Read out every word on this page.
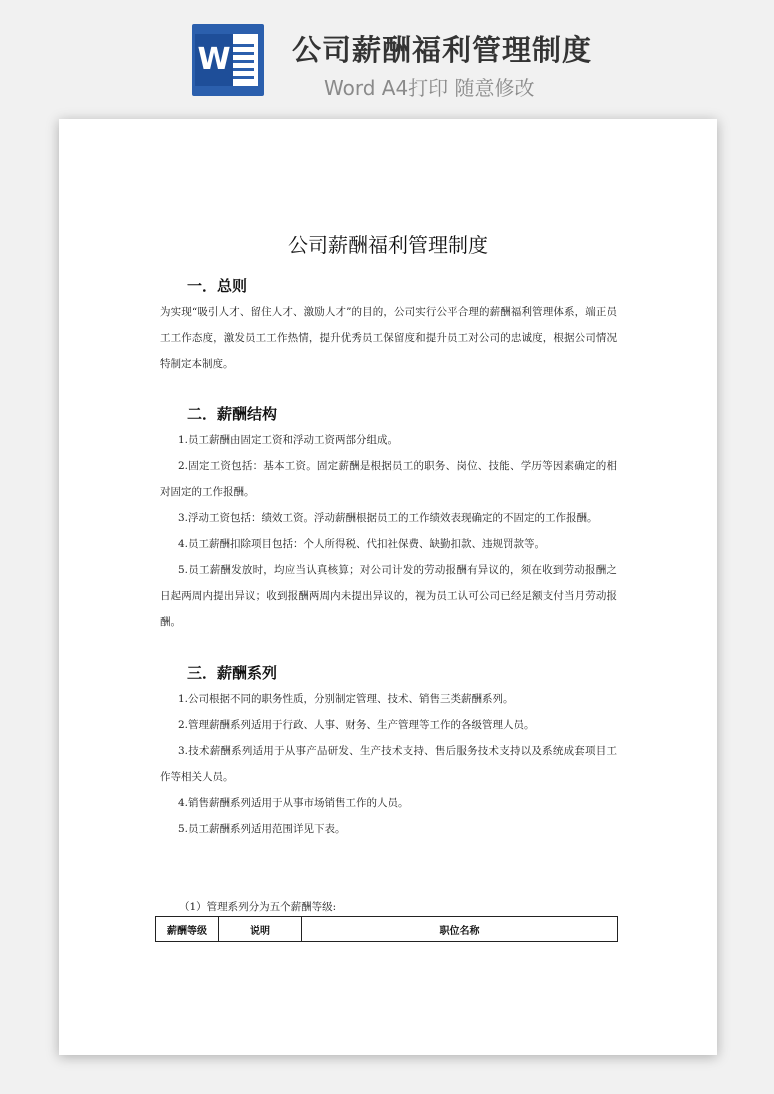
W 公司薪酬福利管理制度
Word A4打印 随意修改
公司薪酬福利管理制度
一．总则

为实现“吸引人才、留住人才、激励人才”的目的，公司实行公平合理的薪酬福利管理体系，端正员工工作态度，激发员工工作热情，提升优秀员工保留度和提升员工对公司的忠诚度，根据公司情况特制定本制度。

二．薪酬结构

1.员工薪酬由固定工资和浮动工资两部分组成。

2.固定工资包括：基本工资。固定薪酬是根据员工的职务、岗位、技能、学历等因素确定的相对固定的工作报酬。

3.浮动工资包括：绩效工资。浮动薪酬根据员工的工作绩效表现确定的不固定的工作报酬。

4.员工薪酬扣除项目包括：个人所得税、代扣社保费、缺勤扣款、违规罚款等。

5.员工薪酬发放时，均应当认真核算；对公司计发的劳动报酬有异议的，须在收到劳动报酬之日起两周内提出异议；收到报酬两周内未提出异议的，视为员工认可公司已经足额支付当月劳动报酬。

三．薪酬系列

1.公司根据不同的职务性质，分别制定管理、技术、销售三类薪酬系列。

2.管理薪酬系列适用于行政、人事、财务、生产管理等工作的各级管理人员。

3.技术薪酬系列适用于从事产品研发、生产技术支持、售后服务技术支持以及系统成套项目工作等相关人员。

4.销售薪酬系列适用于从事市场销售工作的人员。

5.员工薪酬系列适用范围详见下表。

（1）管理系列分为五个薪酬等级:
薪酬等级	说明	职位名称
